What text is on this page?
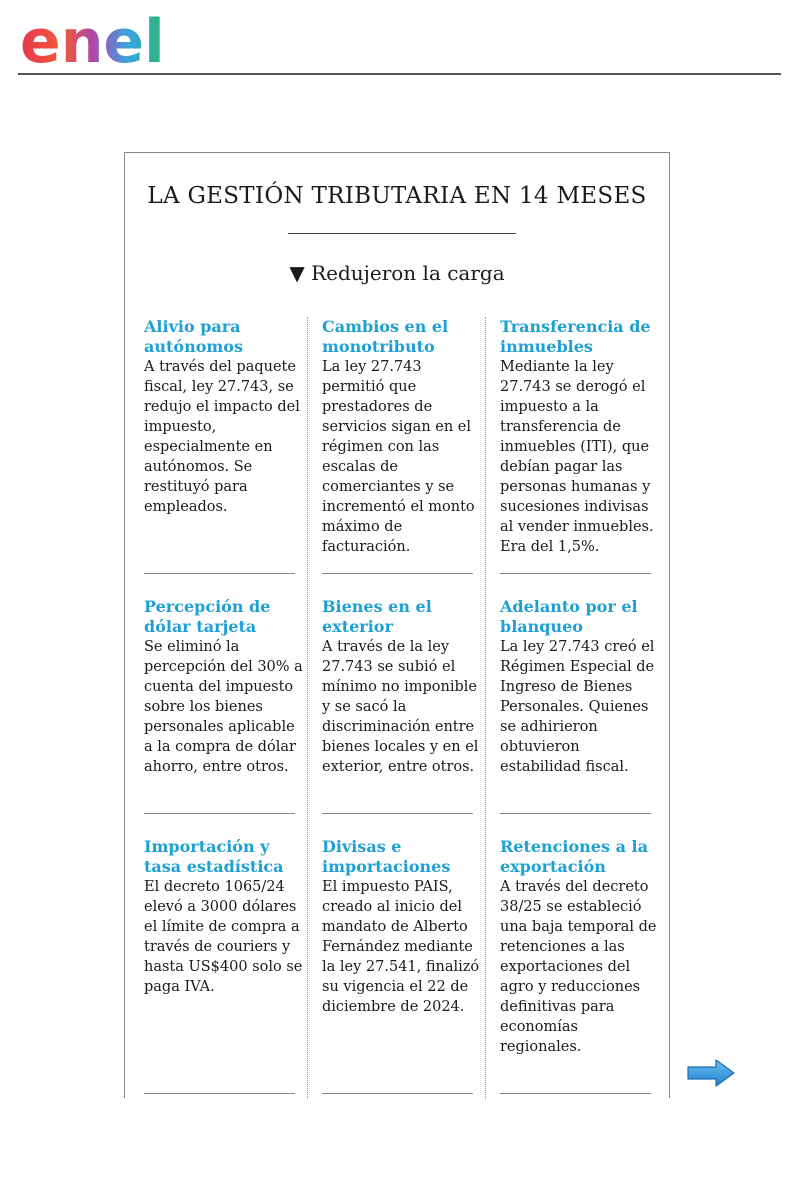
enel
LA GESTIÓN TRIBUTARIA EN 14 MESES
▼ Redujeron la carga
Alivio para autónomos

A través del paquete fiscal, ley 27.743, se redujo el impacto del impuesto, especialmente en autónomos. Se restituyó para empleados.

Cambios en el monotributo

La ley 27.743 permitió que prestadores de servicios sigan en el régimen con las escalas de comerciantes y se incrementó el monto máximo de facturación.

Transferencia de inmuebles

Mediante la ley 27.743 se derogó el impuesto a la transferencia de inmuebles (ITI), que debían pagar las personas humanas y sucesiones indivisas al vender inmuebles. Era del 1,5%.

Percepción de dólar tarjeta

Se eliminó la percepción del 30% a cuenta del impuesto sobre los bienes personales aplicable a la compra de dólar ahorro, entre otros.

Bienes en el exterior

A través de la ley 27.743 se subió el mínimo no imponible y se sacó la discriminación entre bienes locales y en el exterior, entre otros.

Adelanto por el blanqueo

La ley 27.743 creó el Régimen Especial de Ingreso de Bienes Personales. Quienes se adhirieron obtuvieron estabilidad fiscal.

Importación y tasa estadística

El decreto 1065/24 elevó a 3000 dólares el límite de compra a través de couriers y hasta US$400 solo se paga IVA.

Divisas e importaciones

El impuesto PAIS, creado al inicio del mandato de Alberto Fernández mediante la ley 27.541, finalizó su vigencia el 22 de diciembre de 2024.

Retenciones a la exportación

A través del decreto 38/25 se estableció una baja temporal de retenciones a las exportaciones del agro y reducciones definitivas para economías regionales.
